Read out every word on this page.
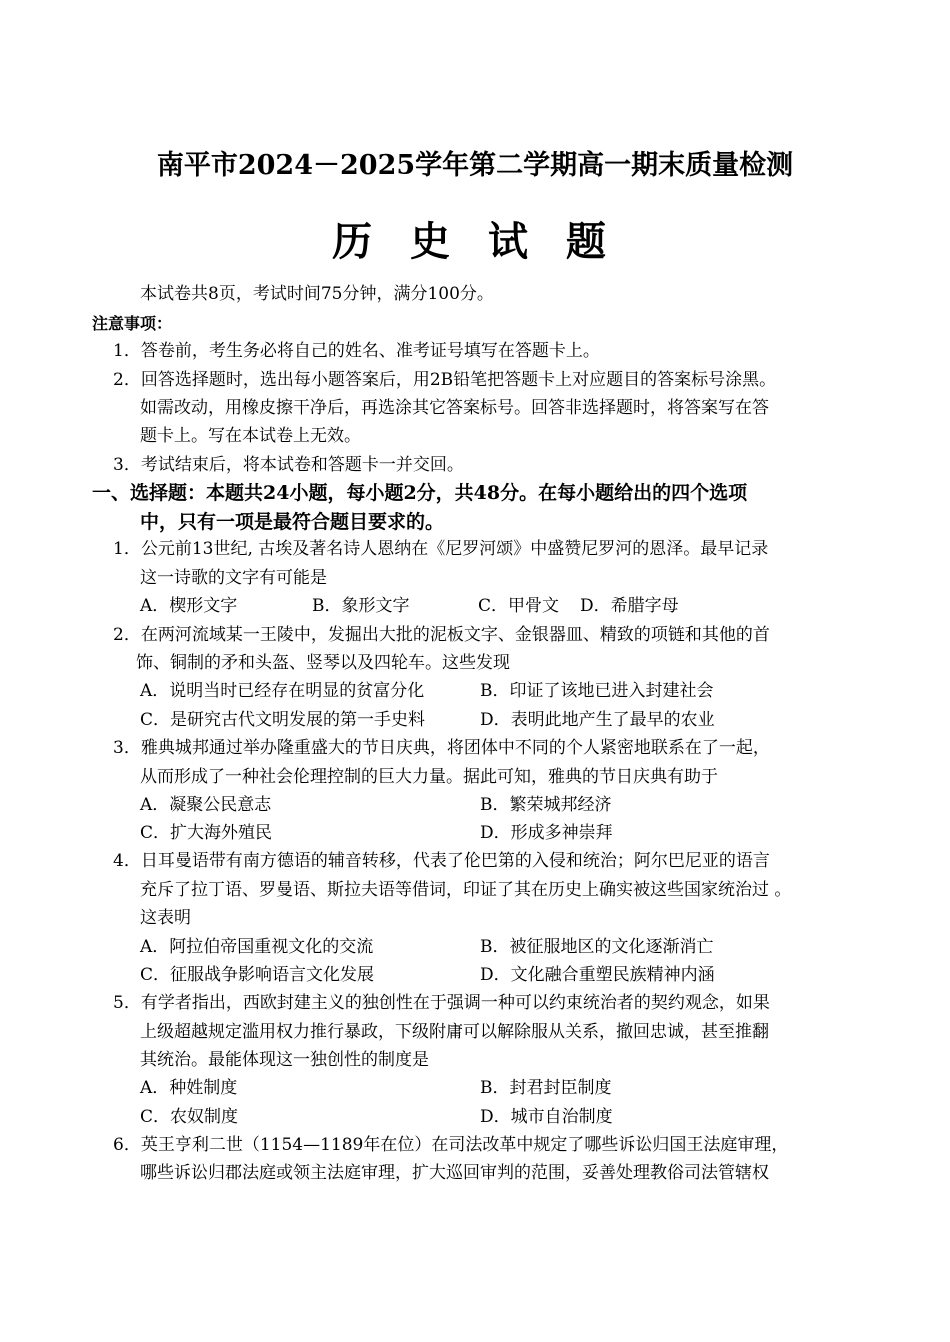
南平市2024－2025学年第二学期高一期末质量检测
历 史 试 题
本试卷共8页，考试时间75分钟，满分100分。
注意事项：
1．答卷前，考生务必将自己的姓名、准考证号填写在答题卡上。
2．回答选择题时，选出每小题答案后，用2B铅笔把答题卡上对应题目的答案标号涂黑。
如需改动，用橡皮擦干净后，再选涂其它答案标号。回答非选择题时，将答案写在答
题卡上。写在本试卷上无效。
3．考试结束后，将本试卷和答题卡一并交回。
一、选择题：本题共24小题，每小题2分，共48分。在每小题给出的四个选项
中，只有一项是最符合题目要求的。
1．公元前13世纪, 古埃及著名诗人恩纳在《尼罗河颂》中盛赞尼罗河的恩泽。最早记录
这一诗歌的文字有可能是
A．楔形文字	B．象形文字	C．甲骨文 D．希腊字母
2．在两河流域某一王陵中，发掘出大批的泥板文字、金银器皿、精致的项链和其他的首
饰、铜制的矛和头盔、竖琴以及四轮车。这些发现
A．说明当时已经存在明显的贫富分化	B．印证了该地已进入封建社会
C．是研究古代文明发展的第一手史料	D．表明此地产生了最早的农业
3．雅典城邦通过举办隆重盛大的节日庆典，将团体中不同的个人紧密地联系在了一起，
从而形成了一种社会伦理控制的巨大力量。据此可知，雅典的节日庆典有助于
A．凝聚公民意志	B．繁荣城邦经济
C．扩大海外殖民	D．形成多神崇拜
4．日耳曼语带有南方德语的辅音转移，代表了伦巴第的入侵和统治；阿尔巴尼亚的语言
充斥了拉丁语、罗曼语、斯拉夫语等借词，印证了其在历史上确实被这些国家统治过 。
这表明
A．阿拉伯帝国重视文化的交流	B．被征服地区的文化逐渐消亡
C．征服战争影响语言文化发展	D．文化融合重塑民族精神内涵
5．有学者指出，西欧封建主义的独创性在于强调一种可以约束统治者的契约观念，如果
上级超越规定滥用权力推行暴政，下级附庸可以解除服从关系，撤回忠诚，甚至推翻
其统治。最能体现这一独创性的制度是
A．种姓制度	B．封君封臣制度
C．农奴制度	D．城市自治制度
6．英王亨利二世（1154—1189年在位）在司法改革中规定了哪些诉讼归国王法庭审理，
哪些诉讼归郡法庭或领主法庭审理，扩大巡回审判的范围，妥善处理教俗司法管辖权
